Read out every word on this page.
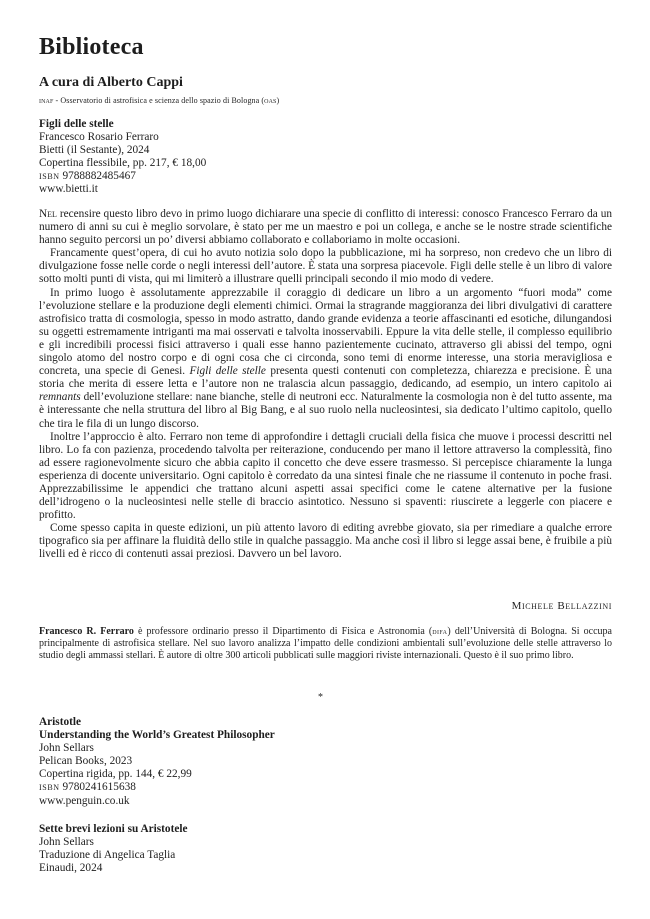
Biblioteca

A cura di Alberto Cappi

inaf - Osservatorio di astrofisica e scienza dello spazio di Bologna (oas)

Figli delle stelle
Francesco Rosario Ferraro
Bietti (il Sestante), 2024
Copertina flessibile, pp. 217, € 18,00
ISBN 9788882485467
www.bietti.it

Nel recensire questo libro devo in primo luogo dichiarare una specie di conflitto di interessi: conosco Francesco Ferraro da un numero di anni su cui è meglio sorvolare, è stato per me un maestro e poi un collega, e anche se le nostre strade scientifiche hanno seguito percorsi un po’ diversi abbiamo collaborato e collaboriamo in molte occasioni.

Francamente quest’opera, di cui ho avuto notizia solo dopo la pubblicazione, mi ha sorpreso, non credevo che un libro di divulgazione fosse nelle corde o negli interessi dell’autore. È stata una sorpresa piacevole. Figli delle stelle è un libro di valore sotto molti punti di vista, qui mi limiterò a illustrare quelli principali secondo il mio modo di vedere.

In primo luogo è assolutamente apprezzabile il coraggio di dedicare un libro a un argomento “fuori moda” come l’evoluzione stellare e la produzione degli elementi chimici. Ormai la stragrande maggioranza dei libri divulgativi di carattere astrofisico tratta di cosmologia, spesso in modo astratto, dando grande evidenza a teorie affascinanti ed esotiche, dilungandosi su oggetti estremamente intriganti ma mai osservati e talvolta inosservabili. Eppure la vita delle stelle, il complesso equilibrio e gli incredibili processi fisici attraverso i quali esse hanno pazientemente cucinato, attraverso gli abissi del tempo, ogni singolo atomo del nostro corpo e di ogni cosa che ci circonda, sono temi di enorme interesse, una storia meravigliosa e concreta, una specie di Genesi. Figli delle stelle presenta questi contenuti con completezza, chiarezza e precisione. È una storia che merita di essere letta e l’autore non ne tralascia alcun passaggio, dedicando, ad esempio, un intero capitolo ai remnants dell’evoluzione stellare: nane bianche, stelle di neutroni ecc. Naturalmente la cosmologia non è del tutto assente, ma è interessante che nella struttura del libro al Big Bang, e al suo ruolo nella nucleosintesi, sia dedicato l’ultimo capitolo, quello che tira le fila di un lungo discorso.

Inoltre l’approccio è alto. Ferraro non teme di approfondire i dettagli cruciali della fisica che muove i processi descritti nel libro. Lo fa con pazienza, procedendo talvolta per reiterazione, conducendo per mano il lettore attraverso la complessità, fino ad essere ragionevolmente sicuro che abbia capito il concetto che deve essere trasmesso. Si percepisce chiaramente la lunga esperienza di docente universitario. Ogni capitolo è corredato da una sintesi finale che ne riassume il contenuto in poche frasi. Apprezzabilissime le appendici che trattano alcuni aspetti assai specifici come le catene alternative per la fusione dell’idrogeno o la nucleosintesi nelle stelle di braccio asintotico. Nessuno si spaventi: riuscirete a leggerle con piacere e profitto.

Come spesso capita in queste edizioni, un più attento lavoro di editing avrebbe giovato, sia per rimediare a qualche errore tipografico sia per affinare la fluidità dello stile in qualche passaggio. Ma anche così il libro si legge assai bene, è fruibile a più livelli ed è ricco di contenuti assai preziosi. Davvero un bel lavoro.

Michele Bellazzini
Francesco R. Ferraro è professore ordinario presso il Dipartimento di Fisica e Astronomia (difa) dell’Università di Bologna. Si occupa principalmente di astrofisica stellare. Nel suo lavoro analizza l’impatto delle condizioni ambientali sull’evoluzione delle stelle attraverso lo studio degli ammassi stellari. È autore di oltre 300 articoli pubblicati sulle maggiori riviste internazionali. Questo è il suo primo libro.
*
Aristotle
Understanding the World’s Greatest Philosopher
John Sellars
Pelican Books, 2023
Copertina rigida, pp. 144, € 22,99
ISBN 9780241615638
www.penguin.co.uk
Sette brevi lezioni su Aristotele
John Sellars
Traduzione di Angelica Taglia
Einaudi, 2024
